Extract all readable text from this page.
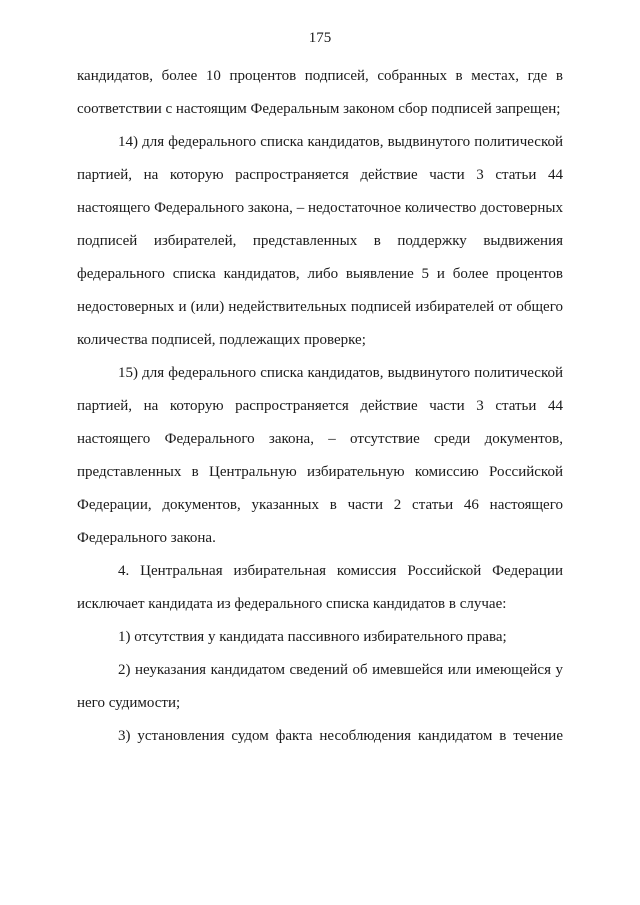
175

кандидатов, более 10 процентов подписей, собранных в местах, где в соответствии с настоящим Федеральным законом сбор подписей запрещен;

14) для федерального списка кандидатов, выдвинутого политической партией, на которую распространяется действие части 3 статьи 44 настоящего Федерального закона, – недостаточное количество достоверных подписей избирателей, представленных в поддержку выдвижения федерального списка кандидатов, либо выявление 5 и более процентов недостоверных и (или) недействительных подписей избирателей от общего количества подписей, подлежащих проверке;

15) для федерального списка кандидатов, выдвинутого политической партией, на которую распространяется действие части 3 статьи 44 настоящего Федерального закона, – отсутствие среди документов, представленных в Центральную избирательную комиссию Российской Федерации, документов, указанных в части 2 статьи 46 настоящего Федерального закона.

4. Центральная избирательная комиссия Российской Федерации исключает кандидата из федерального списка кандидатов в случае:

1) отсутствия у кандидата пассивного избирательного права;

2) неуказания кандидатом сведений об имевшейся или имеющейся у него судимости;

3) установления судом факта несоблюдения кандидатом в течение
